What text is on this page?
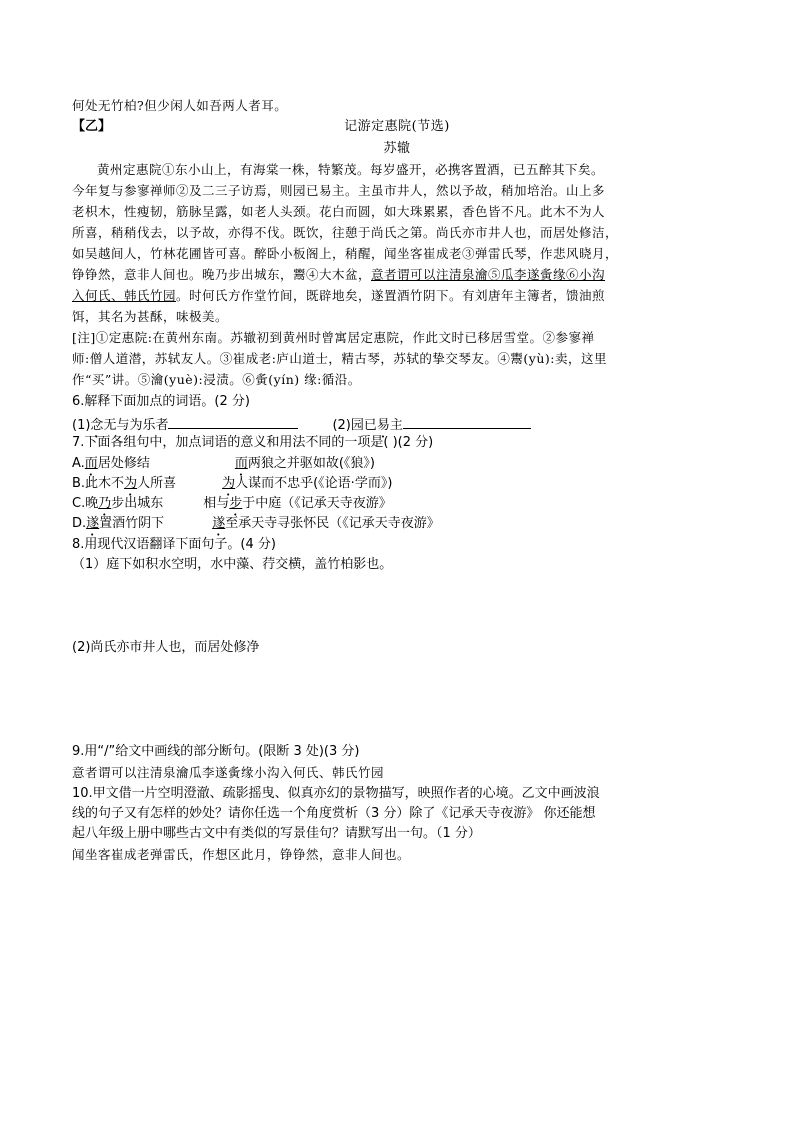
何处无竹柏?但少闲人如吾两人者耳。
【乙】	记游定惠院(节选)
苏辙
黄州定惠院①东小山上，有海棠一株，特繁茂。每岁盛开，必携客置酒，已五醉其下矣。
今年复与参寥禅师②及二三子访焉，则园已易主。主虽市井人，然以予故，稍加培治。山上多
老枳木，性瘦韧，筋脉呈露，如老人头颈。花白而圆，如大珠累累，香色皆不凡。此木不为人
所喜，稍稍伐去，以予故，亦得不伐。既饮，往憩于尚氏之第。尚氏亦市井人也，而居处修洁，
如吴越间人，竹林花圃皆可喜。醉卧小板阁上，稍醒，闻坐客崔成老③弹雷氏琴，作悲风晓月，
铮铮然，意非人间也。晚乃步出城东，鬻④大木盆，意者谓可以注清泉瀹⑤瓜李遂夤缘⑥小沟
入何氏、韩氏竹园。时何氏方作堂竹间，既辟地矣，遂置酒竹阴下。有刘唐年主簿者，馈油煎
饵，其名为甚酥，味极美。
[注]①定惠院:在黄州东南。苏辙初到黄州时曾寓居定惠院，作此文时已移居雪堂。②参寥禅
师:僧人道潜，苏轼友人。③崔成老:庐山道士，精古琴，苏轼的挚交琴友。④鬻(yù):卖，这里
作“买”讲。⑤瀹(yuè):浸渍。⑥夤(yín) 缘:循沿。
6.解释下面加点的词语。(2 分)
(1)念无与为乐者	(2)园已易主
7.下面各组句中，加点词语的意义和用法不同的一项是( )(2 分)
A.而居处修结	而两狼之并驱如故(《狼》)
B.此木不为人所喜	为人谋而不忠乎(《论语·学而》)
C.晚乃步出城东	相与步于中庭（《记承天寺夜游》
D.遂置酒竹阴下	遂至承天寺寻张怀民（《记承天寺夜游》
8.用现代汉语翻译下面句子。(4 分)
（1）庭下如积水空明，水中藻、荇交横，盖竹柏影也。
(2)尚氏亦市井人也，而居处修净
9.用“/”给文中画线的部分断句。(限断 3 处)(3 分)
意者谓可以注清泉瀹瓜李遂夤缘小沟入何氏、韩氏竹园
10.甲文借一片空明澄澈、疏影摇曳、似真亦幻的景物描写，映照作者的心境。乙文中画波浪
线的句子又有怎样的妙处？请你任选一个角度赏析（3 分）除了《记承天寺夜游》 你还能想
起八年级上册中哪些古文中有类似的写景佳句？请默写出一句。（1 分）
闻坐客崔成老弹雷氏，作想区此月，铮铮然，意非人间也。
